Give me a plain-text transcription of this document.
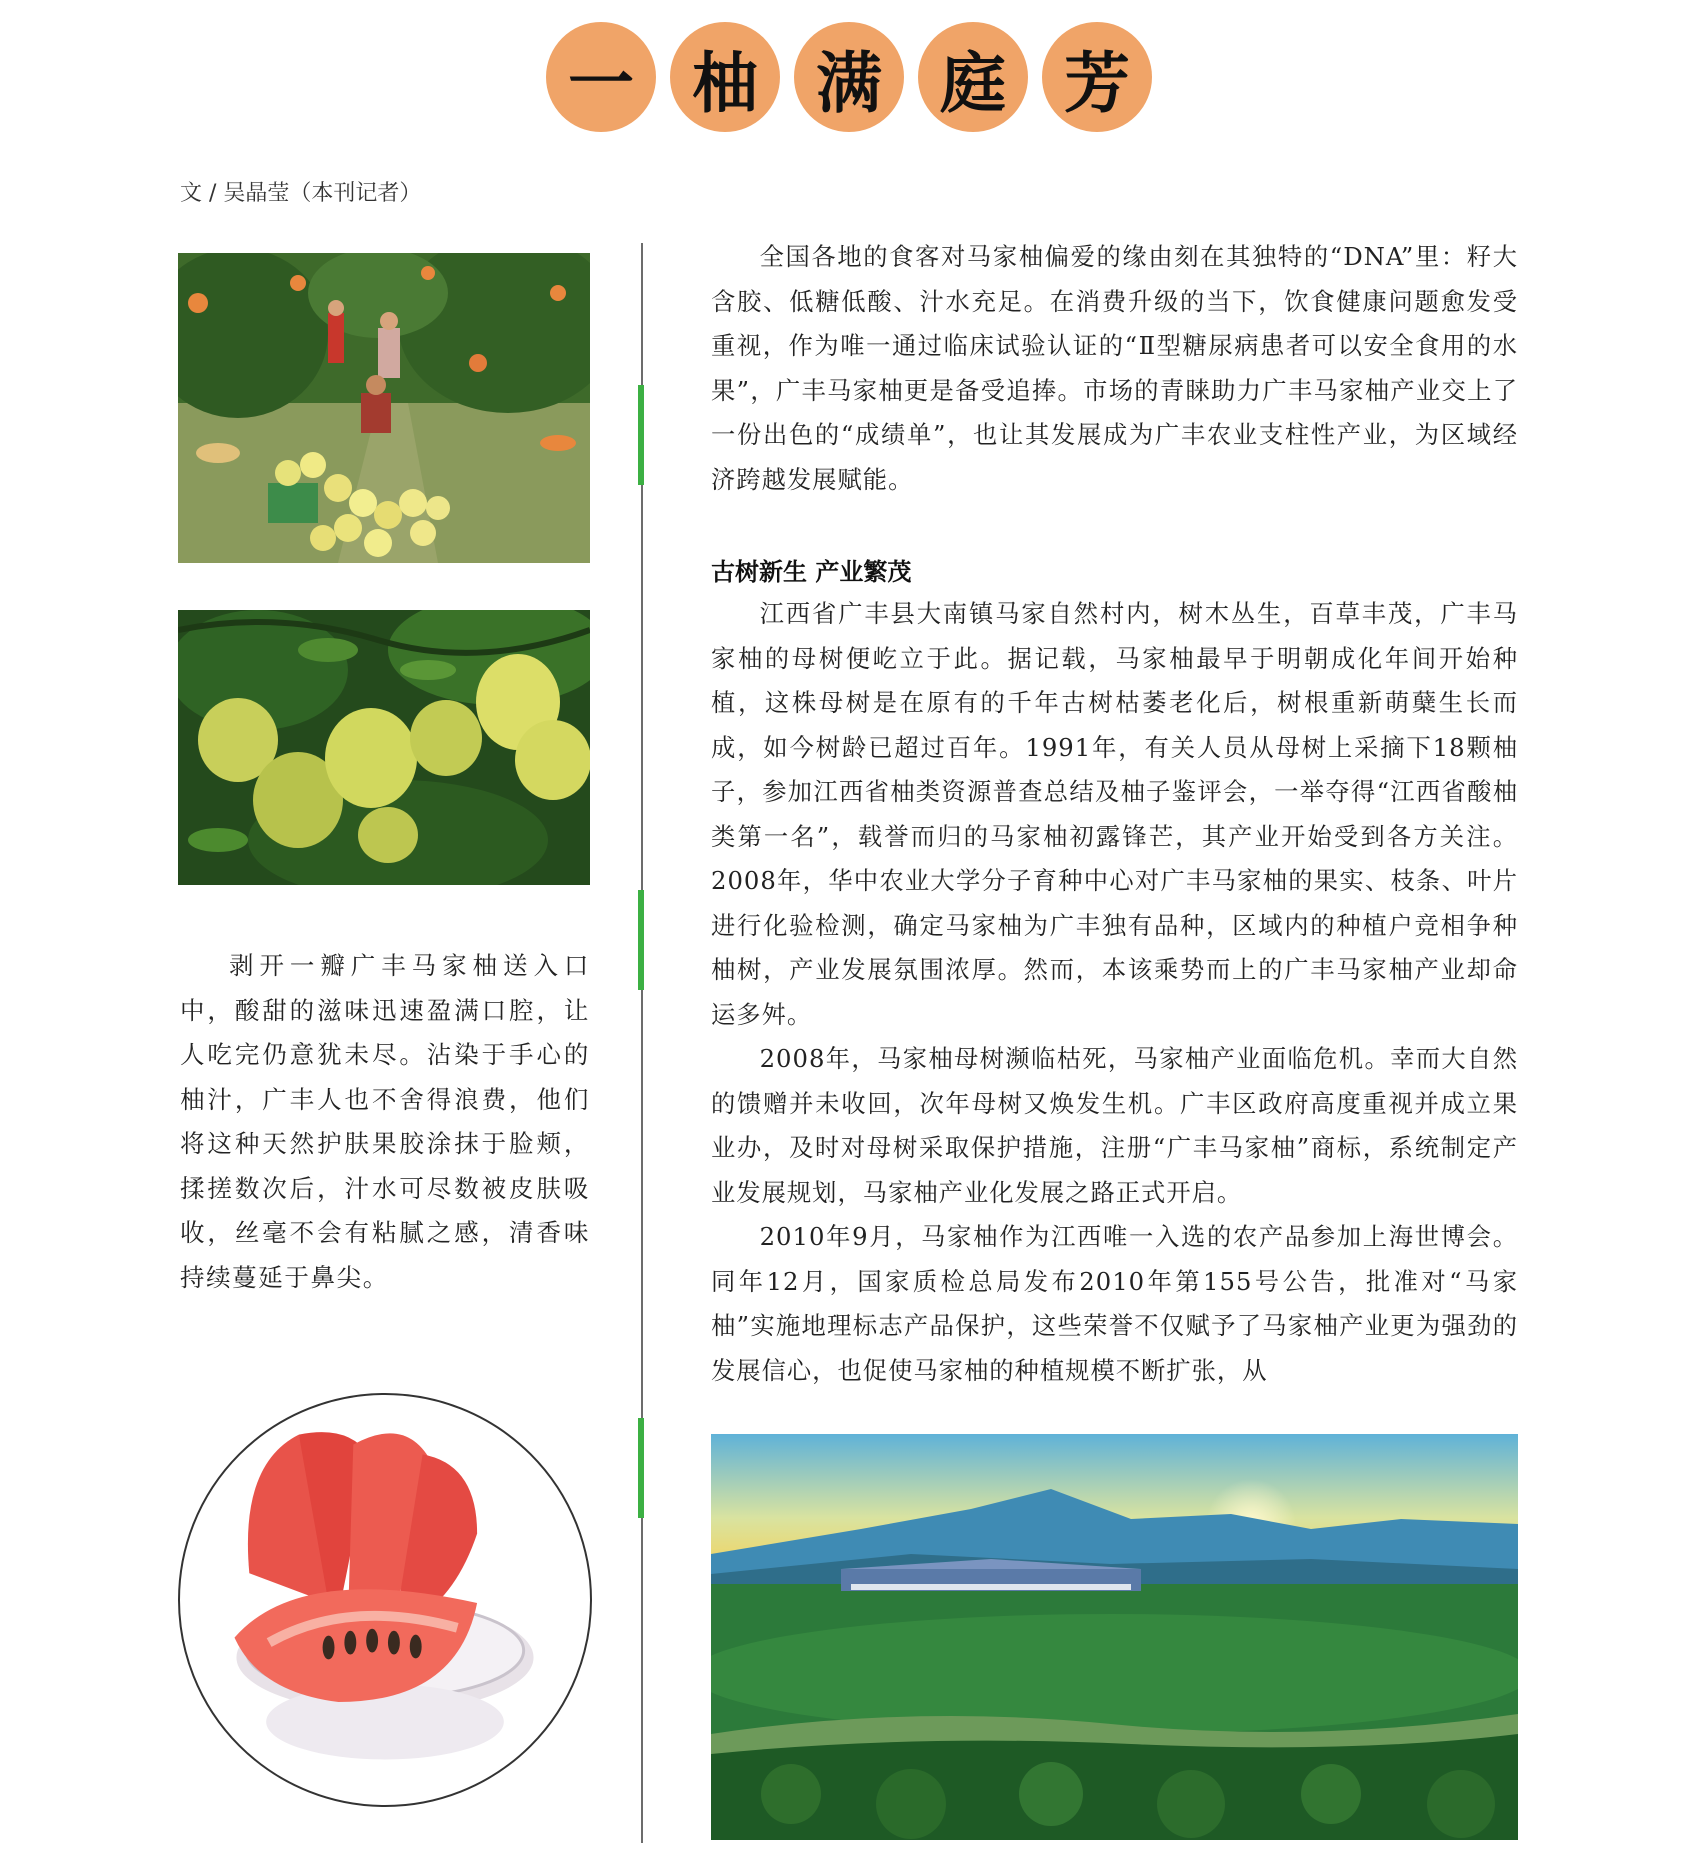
一 柚 满 庭 芳
文 / 吴晶莹（本刊记者）

剥开一瓣广丰马家柚送入口中，酸甜的滋味迅速盈满口腔，让人吃完仍意犹未尽。沾染于手心的柚汁，广丰人也不舍得浪费，他们将这种天然护肤果胶涂抹于脸颊，揉搓数次后，汁水可尽数被皮肤吸收，丝毫不会有粘腻之感，清香味持续蔓延于鼻尖。

全国各地的食客对马家柚偏爱的缘由刻在其独特的“DNA”里：籽大含胶、低糖低酸、汁水充足。在消费升级的当下，饮食健康问题愈发受重视，作为唯一通过临床试验认证的“Ⅱ型糖尿病患者可以安全食用的水果”，广丰马家柚更是备受追捧。市场的青睐助力广丰马家柚产业交上了一份出色的“成绩单”，也让其发展成为广丰农业支柱性产业，为区域经济跨越发展赋能。

古树新生 产业繁茂

江西省广丰县大南镇马家自然村内，树木丛生，百草丰茂，广丰马家柚的母树便屹立于此。据记载，马家柚最早于明朝成化年间开始种植，这株母树是在原有的千年古树枯萎老化后，树根重新萌蘖生长而成，如今树龄已超过百年。1991年，有关人员从母树上采摘下18颗柚子，参加江西省柚类资源普查总结及柚子鉴评会，一举夺得“江西省酸柚类第一名”，载誉而归的马家柚初露锋芒，其产业开始受到各方关注。2008年，华中农业大学分子育种中心对广丰马家柚的果实、枝条、叶片进行化验检测，确定马家柚为广丰独有品种，区域内的种植户竞相争种柚树，产业发展氛围浓厚。然而，本该乘势而上的广丰马家柚产业却命运多舛。

2008年，马家柚母树濒临枯死，马家柚产业面临危机。幸而大自然的馈赠并未收回，次年母树又焕发生机。广丰区政府高度重视并成立果业办，及时对母树采取保护措施，注册“广丰马家柚”商标，系统制定产业发展规划，马家柚产业化发展之路正式开启。

2010年9月，马家柚作为江西唯一入选的农产品参加上海世博会。同年12月，国家质检总局发布2010年第155号公告，批准对“马家柚”实施地理标志产品保护，这些荣誉不仅赋予了马家柚产业更为强劲的发展信心，也促使马家柚的种植规模不断扩张，从
